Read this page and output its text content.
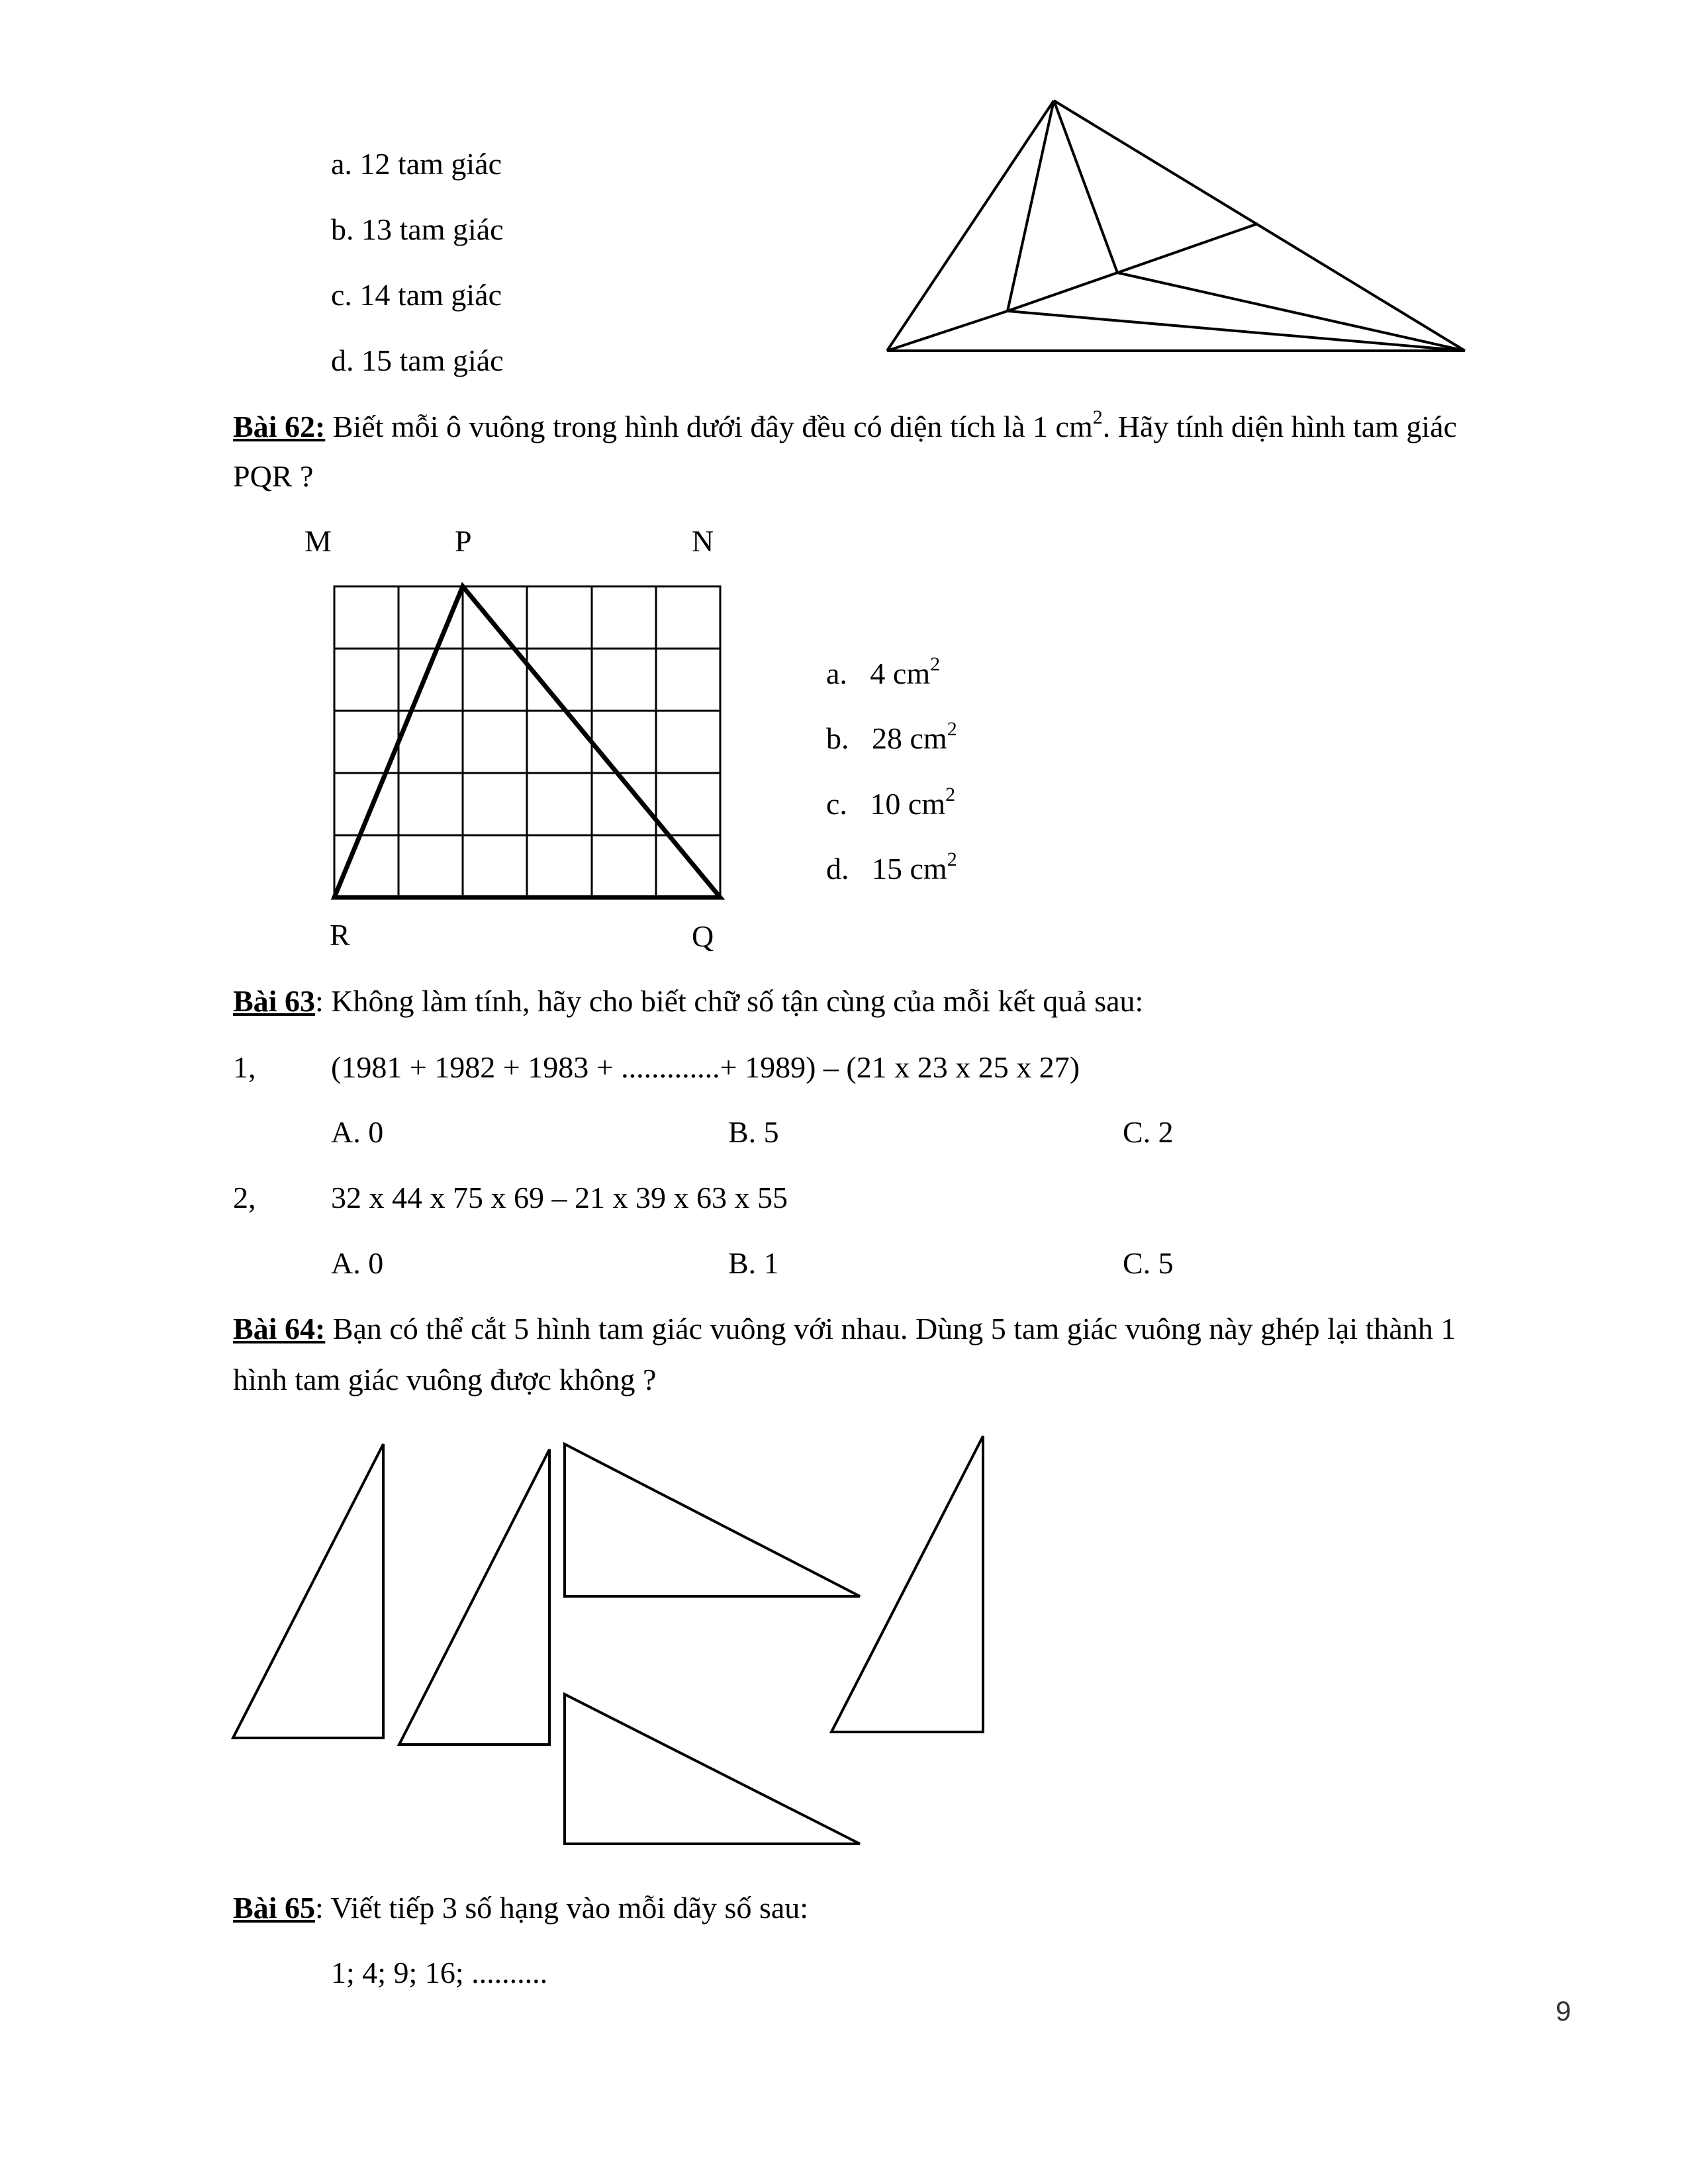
a. 12 tam giác
b. 13 tam giác
c. 14 tam giác
d. 15 tam giác
Bài 62: Biết mỗi ô vuông trong hình dưới đây đều có diện tích là 1 $cm^2$. Hãy tính diện hình tam giác
PQR ?
M	P	N
R	Q
a. 4 $cm^2$
b. 28 $cm^2$
c. 10 $cm^2$
d. 15 $cm^2$
Bài 63: Không làm tính, hãy cho biết chữ số tận cùng của mỗi kết quả sau:
1, (1981 + 1982 + 1983 + .............+ 1989) – (21 x 23 x 25 x 27)
A. 0	B. 5	C. 2
2, 32 x 44 x 75 x 69 – 21 x 39 x 63 x 55
A. 0	B. 1	C. 5
Bài 64: Bạn có thể cắt 5 hình tam giác vuông với nhau. Dùng 5 tam giác vuông này ghép lại thành 1
hình tam giác vuông được không ?
Bài 65: Viết tiếp 3 số hạng vào mỗi dãy số sau:
1; 4; 9; 16; ..........
9
